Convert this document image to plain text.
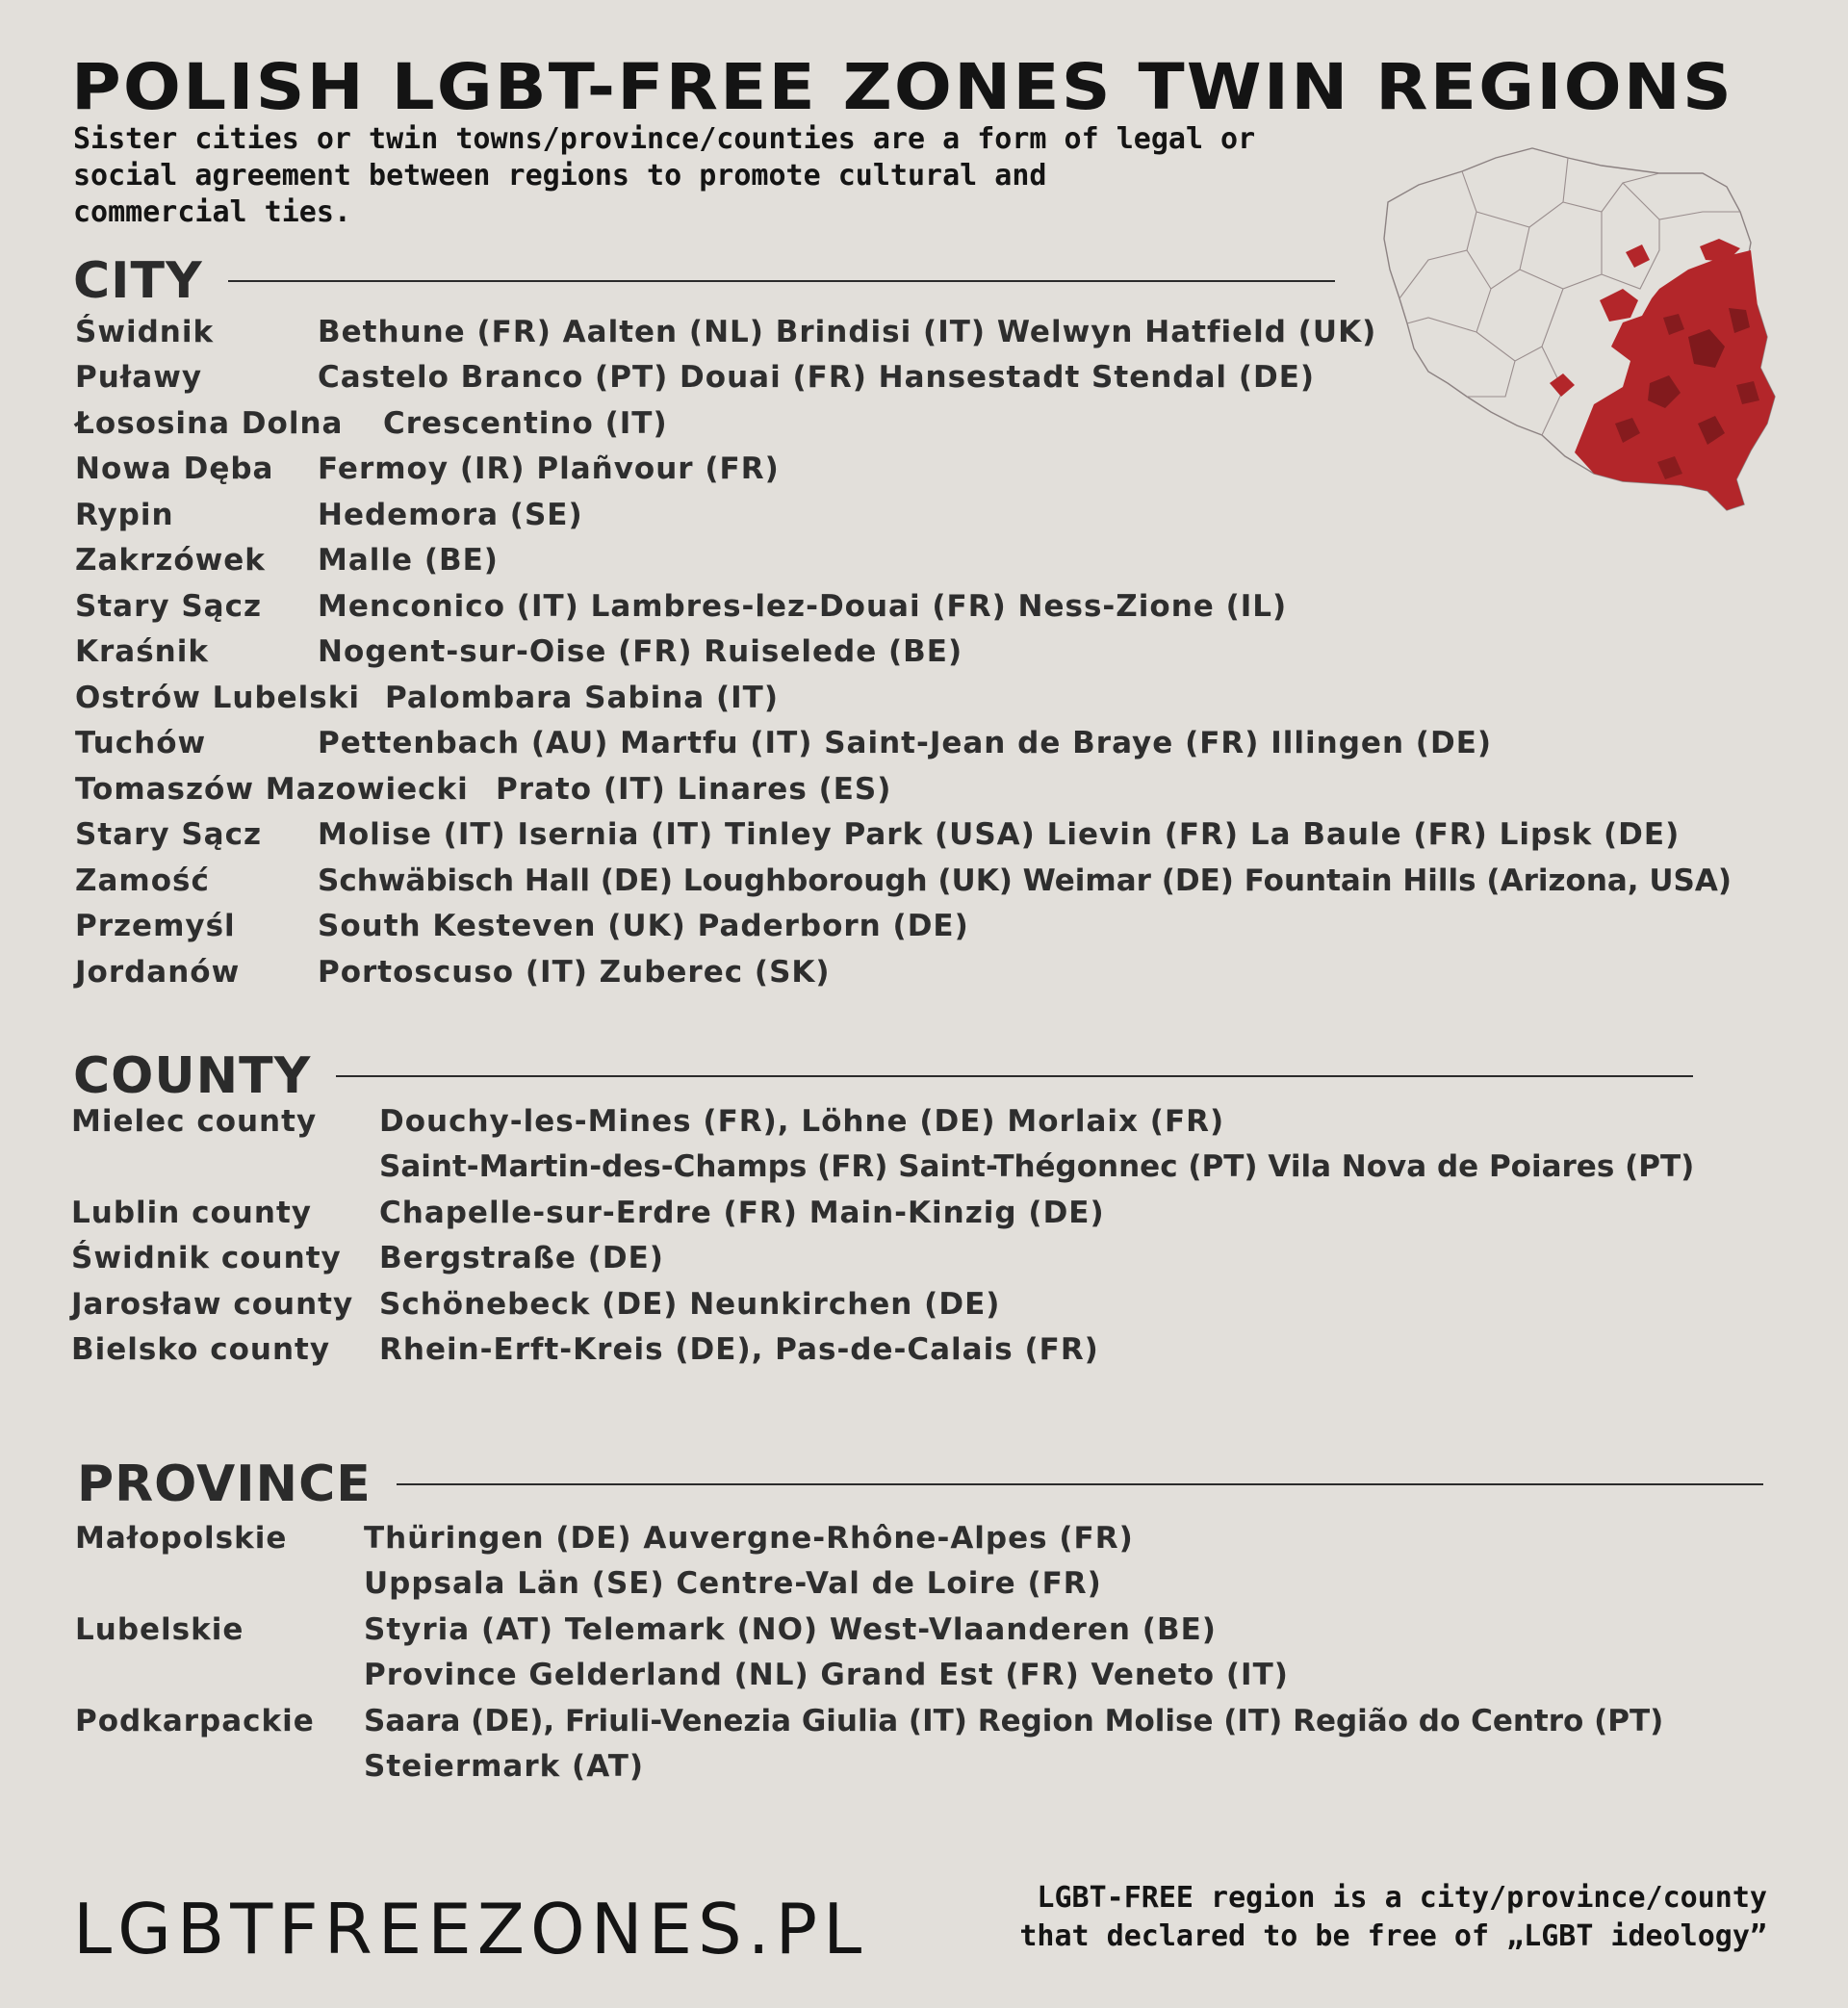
POLISH LGBT-FREE ZONES TWIN REGIONS

Sister cities or twin towns/province/counties are a form of legal or
social agreement between regions to promote cultural and
commercial ties.

CITY
Świdnik	Bethune (FR) Aalten (NL) Brindisi (IT) Welwyn Hatfield (UK)
Puławy	Castelo Branco (PT) Douai (FR) Hansestadt Stendal (DE)
Łososina Dolna	Crescentino (IT)
Nowa Dęba	Fermoy (IR) Plañvour (FR)
Rypin	Hedemora (SE)
Zakrzówek	Malle (BE)
Stary Sącz	Menconico (IT) Lambres-lez-Douai (FR) Ness-Zione (IL)
Kraśnik	Nogent-sur-Oise (FR) Ruiselede (BE)
Ostrów Lubelski Palombara Sabina (IT)
Tuchów	Pettenbach (AU) Martfu (IT) Saint-Jean de Braye (FR) Illingen (DE)
Tomaszów Mazowiecki Prato (IT) Linares (ES)
Stary Sącz	Molise (IT) Isernia (IT) Tinley Park (USA) Lievin (FR) La Baule (FR) Lipsk (DE)
Zamość	Schwäbisch Hall (DE) Loughborough (UK) Weimar (DE) Fountain Hills (Arizona, USA)
Przemyśl	South Kesteven (UK) Paderborn (DE)
Jordanów	Portoscuso (IT) Zuberec (SK)
COUNTY
Mielec county	Douchy-les-Mines (FR), Löhne (DE) Morlaix (FR)
Saint-Martin-des-Champs (FR) Saint-Thégonnec (PT) Vila Nova de Poiares (PT)
Lublin county	Chapelle-sur-Erdre (FR) Main-Kinzig (DE)
Świdnik county	Bergstraße (DE)
Jarosław county Schönebeck (DE) Neunkirchen (DE)
Bielsko county	Rhein-Erft-Kreis (DE), Pas-de-Calais (FR)
PROVINCE
Małopolskie	Thüringen (DE) Auvergne-Rhône-Alpes (FR)
Uppsala Län (SE) Centre-Val de Loire (FR)
Lubelskie	Styria (AT) Telemark (NO) West-Vlaanderen (BE)
Province Gelderland (NL) Grand Est (FR) Veneto (IT)
Podkarpackie	Saara (DE), Friuli-Venezia Giulia (IT) Region Molise (IT) Região do Centro (PT)
Steiermark (AT)

LGBTFREEZONES.PL	LGBT-FREE region is a city/province/county
that declared to be free of „LGBT ideology”
